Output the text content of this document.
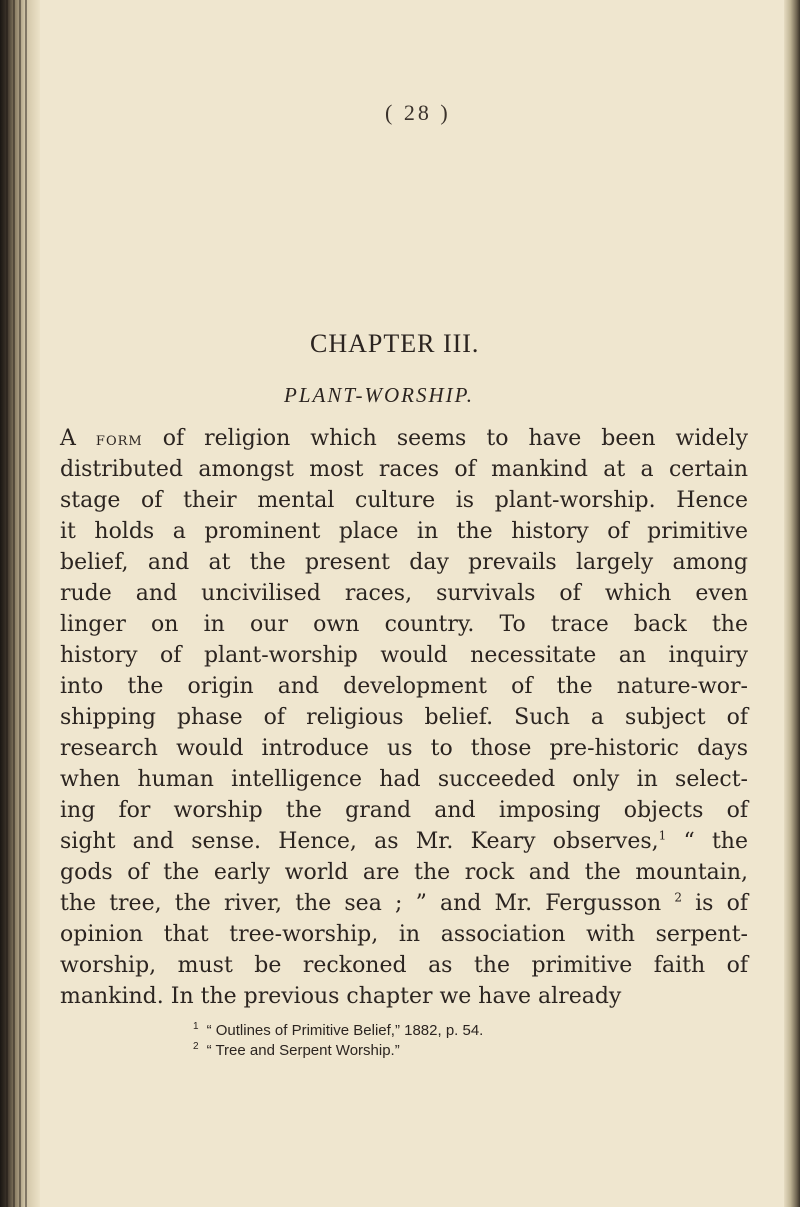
( 28 )
CHAPTER III.
PLANT-WORSHIP.
A form of religion which seems to have been widely
distributed amongst most races of mankind at a certain
stage of their mental culture is plant-worship. Hence
it holds a prominent place in the history of primitive
belief, and at the present day prevails largely among
rude and uncivilised races, survivals of which even
linger on in our own country. To trace back the
history of plant-worship would necessitate an inquiry
into the origin and development of the nature-wor-
shipping phase of religious belief. Such a subject of
research would introduce us to those pre-historic days
when human intelligence had succeeded only in select-
ing for worship the grand and imposing objects of
sight and sense. Hence, as Mr. Keary observes,$^1$ “ the
gods of the early world are the rock and the mountain,
the tree, the river, the sea ; ” and Mr. Fergusson $^2$ is of
opinion that tree-worship, in association with serpent-
worship, must be reckoned as the primitive faith of
mankind. In the previous chapter we have already
$^1$ “ Outlines of Primitive Belief,” 1882, p. 54.
$^2$ “ Tree and Serpent Worship.”
